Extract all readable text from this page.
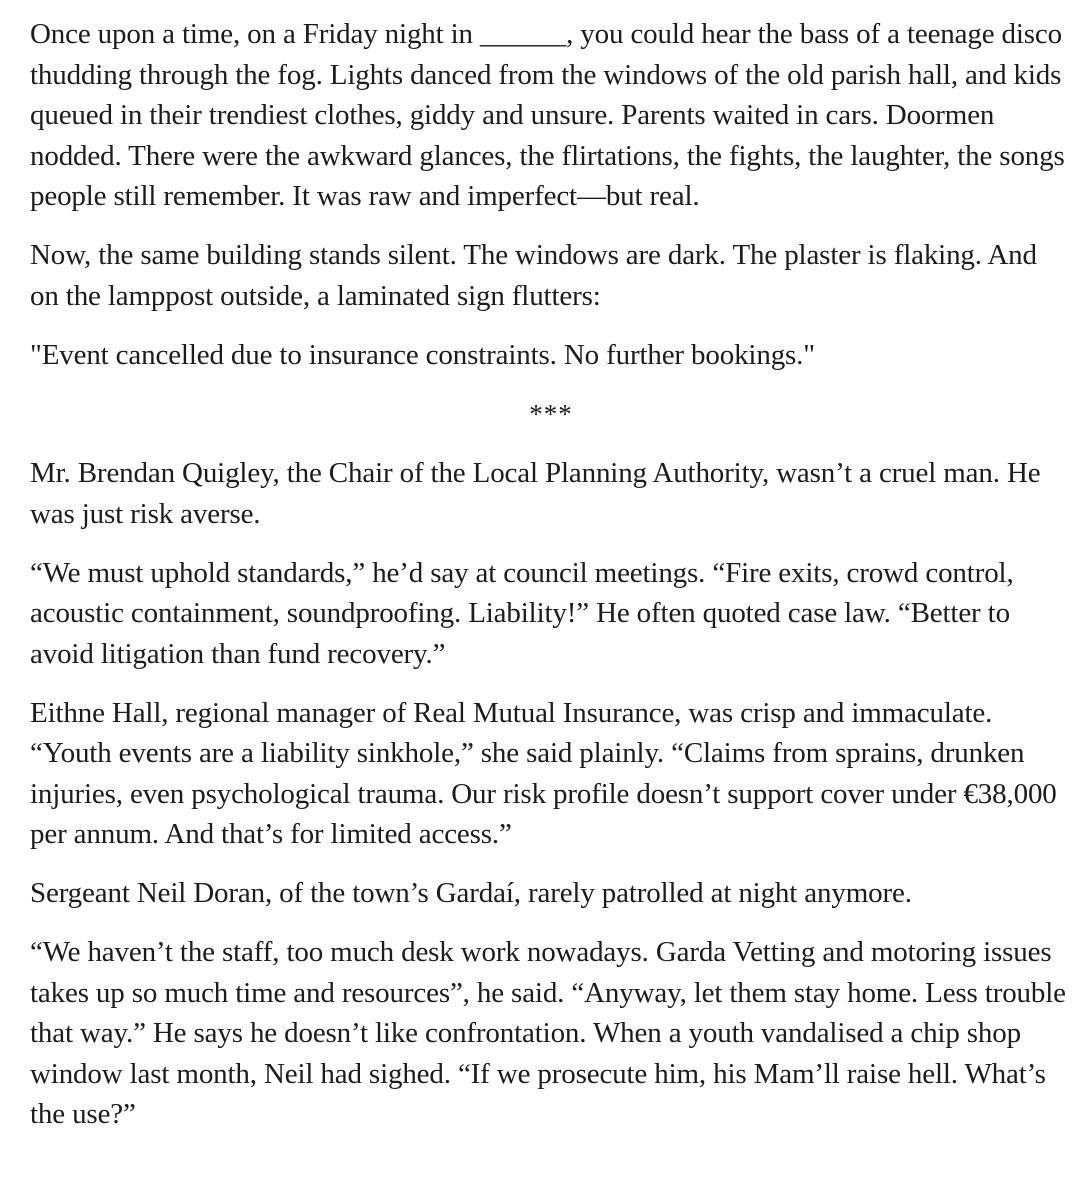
Once upon a time, on a Friday night in ______, you could hear the bass of a teenage disco thudding through the fog. Lights danced from the windows of the old parish hall, and kids queued in their trendiest clothes, giddy and unsure. Parents waited in cars. Doormen nodded. There were the awkward glances, the flirtations, the fights, the laughter, the songs people still remember. It was raw and imperfect—but real.

Now, the same building stands silent. The windows are dark. The plaster is flaking. And on the lamppost outside, a laminated sign flutters:

"Event cancelled due to insurance constraints. No further bookings."

***

Mr. Brendan Quigley, the Chair of the Local Planning Authority, wasn’t a cruel man. He was just risk averse.

“We must uphold standards,” he’d say at council meetings. “Fire exits, crowd control, acoustic containment, soundproofing. Liability!” He often quoted case law. “Better to avoid litigation than fund recovery.”

Eithne Hall, regional manager of Real Mutual Insurance, was crisp and immaculate. “Youth events are a liability sinkhole,” she said plainly. “Claims from sprains, drunken injuries, even psychological trauma. Our risk profile doesn’t support cover under €38,000 per annum. And that’s for limited access.”

Sergeant Neil Doran, of the town’s Gardaí, rarely patrolled at night anymore.

“We haven’t the staff, too much desk work nowadays. Garda Vetting and motoring issues takes up so much time and resources”, he said. “Anyway, let them stay home. Less trouble that way.” He says he doesn’t like confrontation. When a youth vandalised a chip shop window last month, Neil had sighed. “If we prosecute him, his Mam’ll raise hell. What’s the use?”
